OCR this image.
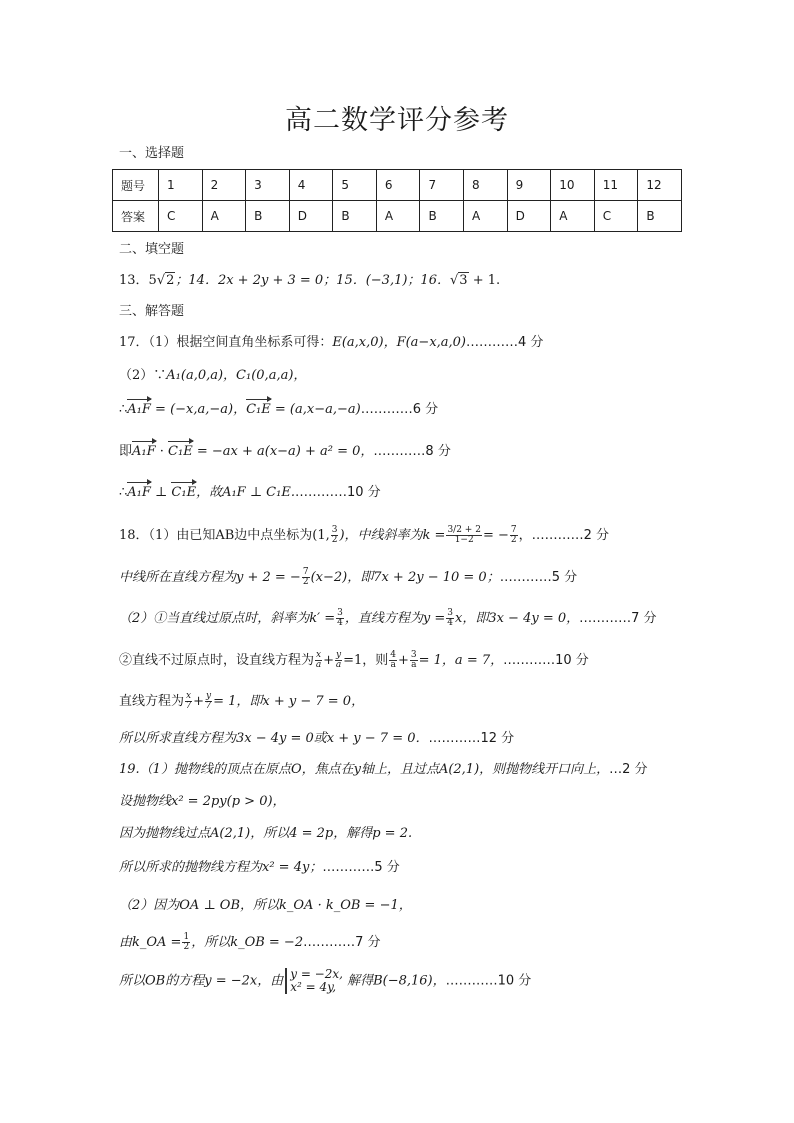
高二数学评分参考
一、选择题
题号	1	2	3	4	5	6	7	8	9	10	11	12
答案	C	A	B	D	B	A	B	A	D	A	C	B
二、填空题
13．5√2；14．2x + 2y + 3 = 0；15．(−3,1)；16．√3 + 1.
三、解答题
17．（1）根据空间直角坐标系可得：E(a,x,0)，F(a−x,a,0)…………4 分
（2）∵A₁(a,0,a)，C₁(0,a,a)，
∴A₁F = (−x,a,−a)，C₁E = (a,x−a,−a)…………6 分
即A₁F · C₁E = −ax + a(x−a) + a² = 0，…………8 分
∴A₁F ⊥ C₁E，故A₁F ⊥ C₁E.…………10 分
18．（1）由已知AB边中点坐标为(1, $\frac{3}{2}$ )，中线斜率为$k = \frac{3/2 + 2}{1-2}$ = − $\frac{7}{2}$ ，…………2 分
中线所在直线方程为y + 2 = − $\frac{7}{2} (x-2)$，即7x + 2y − 10 = 0；…………5 分
（2）①当直线过原点时，斜率为$k' = \frac{3}{4}$ ，直线方程为$y = \frac{3}{4}$ x，即3x − 4y = 0，…………7 分
②直线不过原点时，设直线方程为 $\frac{x}{a} + \frac{y}{a} =1$，则 $\frac{4}{a} + \frac{3}{a} = 1$，a = 7，…………10 分
直线方程为 $\frac{x}{7} + \frac{y}{7} = 1$，即x + y − 7 = 0，
所以所求直线方程为3x − 4y = 0或x + y − 7 = 0．…………12 分
19.（1）抛物线的顶点在原点O，焦点在y轴上，且过点A(2,1)，则抛物线开口向上，…2 分
设抛物线x² = 2py(p > 0)，
因为抛物线过点A(2,1)，所以4 = 2p，解得p = 2.
所以所求的抛物线方程为x² = 4y；…………5 分
（2）因为OA ⊥ OB，所以k_OA · k_OB = −1，
由k_OA = $\frac{1}{2}$ ，所以k_OB = −2…………7 分
所以OB的方程y = −2x，由 y = −2x,
x² = 4y, 解得B(−8,16)，…………10 分
